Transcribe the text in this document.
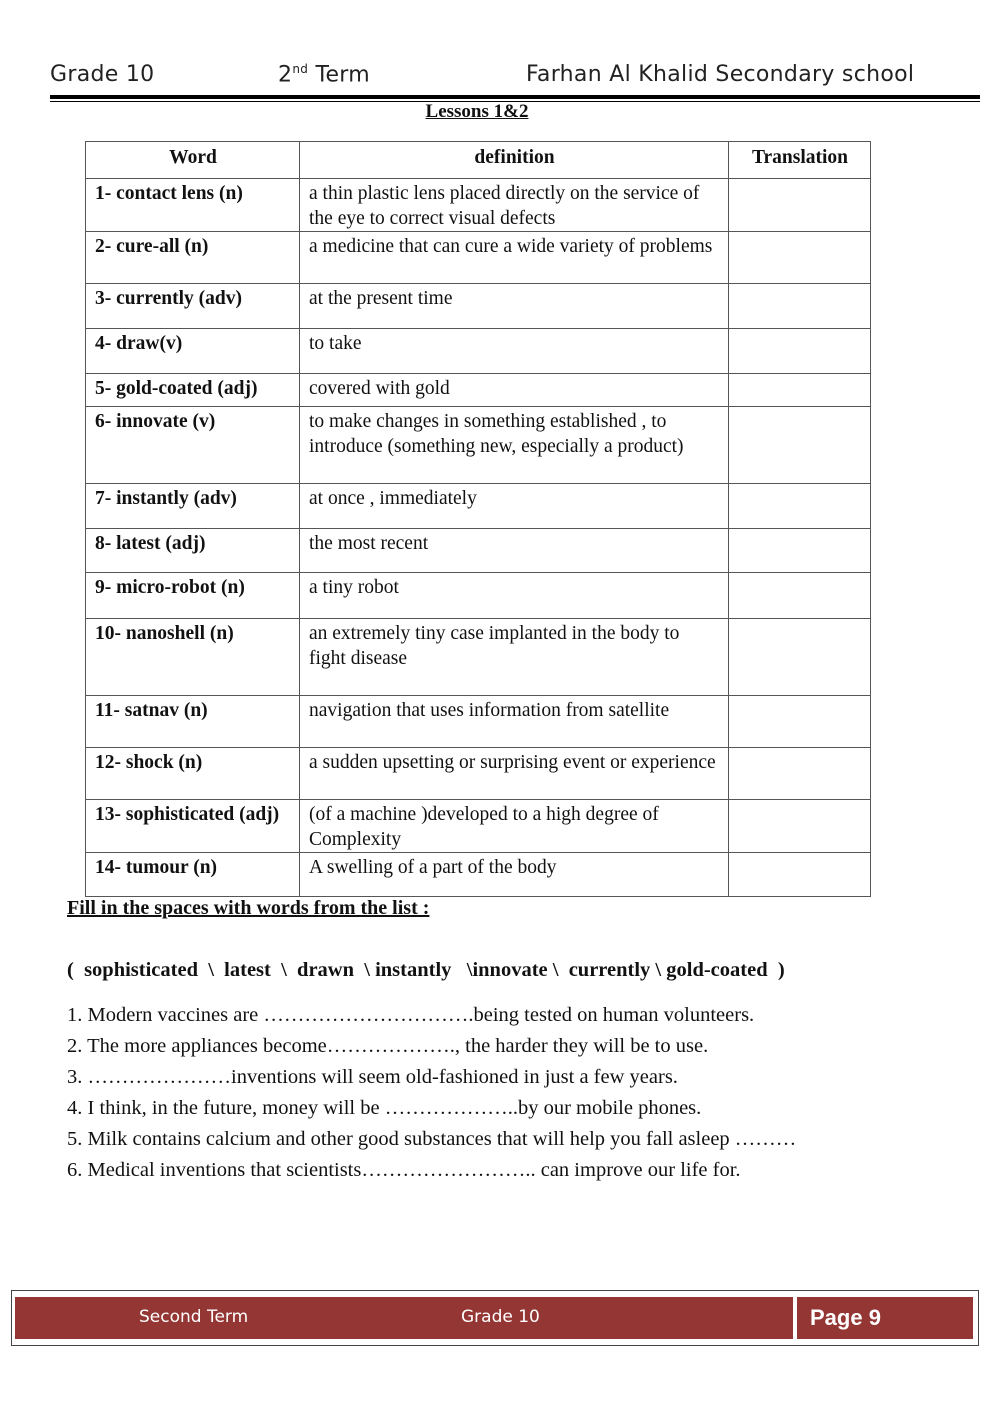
Grade 10	2nd Term	Farhan Al Khalid Secondary school
Lessons 1&2
Word	definition	Translation
1- contact lens (n)	a thin plastic lens placed directly on the service of the eye to correct visual defects	
2- cure-all (n)	a medicine that can cure a wide variety of problems	
3- currently (adv)	at the present time	
4- draw(v)	to take	
5- gold-coated (adj)	covered with gold	
6- innovate (v)	to make changes in something established , to introduce (something new, especially a product)	
7- instantly (adv)	at once , immediately	
8- latest (adj)	the most recent	
9- micro-robot (n)	a tiny robot	
10- nanoshell (n)	an extremely tiny case implanted in the body to fight disease	
11- satnav (n)	navigation that uses information from satellite	
12- shock (n)	a sudden upsetting or surprising event or experience	
13- sophisticated (adj)	(of a machine )developed to a high degree of Complexity	
14- tumour (n)	A swelling of a part of the body	
Fill in the spaces with words from the list :
(  sophisticated  \  latest  \  drawn  \ instantly   \innovate \  currently \ gold-coated  )
1. Modern vaccines are ………………………….being tested on human volunteers.
2. The more appliances become………………., the harder they will be to use.
3. …………………inventions will seem old-fashioned in just a few years.
4. I think, in the future, money will be ………………..by our mobile phones.
5. Milk contains calcium and other good substances that will help you fall asleep ………
6. Medical inventions that scientists…………………….. can improve our life for.
Second Term	Grade 10	Page 9
